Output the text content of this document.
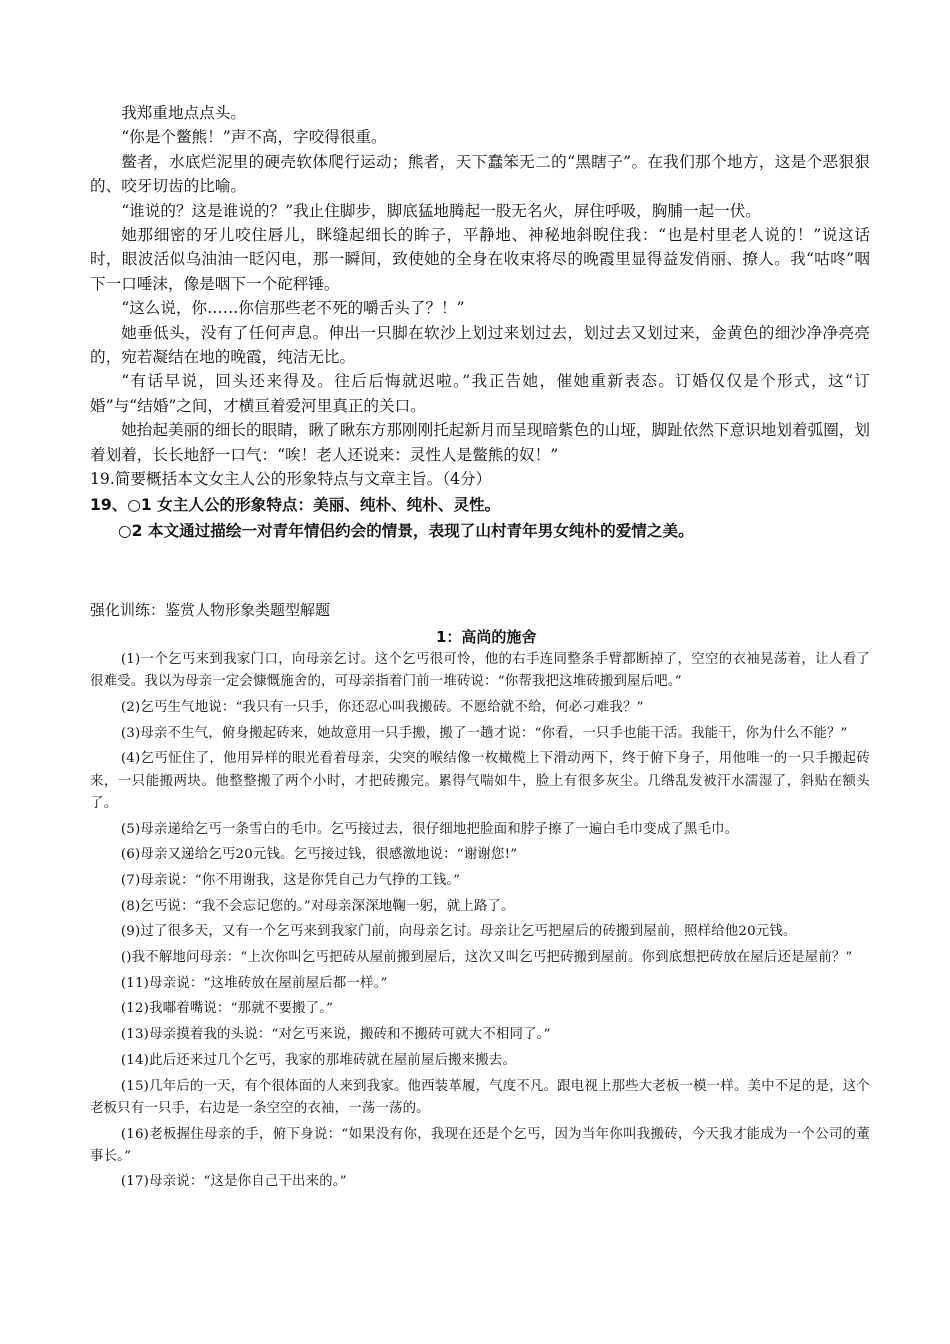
我郑重地点点头。

“你是个鳖熊！”声不高，字咬得很重。

鳖者，水底烂泥里的硬壳软体爬行运动；熊者，天下蠢笨无二的“黑瞎子”。在我们那个地方，这是个恶狠狠的、咬牙切齿的比喻。

“谁说的？这是谁说的？”我止住脚步，脚底猛地腾起一股无名火，屏住呼吸，胸脯一起一伏。

她那细密的牙儿咬住唇儿，眯缝起细长的眸子，平静地、神秘地斜睨住我：“也是村里老人说的！”说这话时，眼波活似乌油油一眨闪电，那一瞬间，致使她的全身在收束将尽的晚霞里显得益发俏丽、撩人。我“咕咚”咽下一口唾沫，像是咽下一个砣秤锤。

“这么说，你……你信那些老不死的嚼舌头了？！”

她垂低头，没有了任何声息。伸出一只脚在软沙上划过来划过去，划过去又划过来，金黄色的细沙净净亮亮的，宛若凝结在地的晚霞，纯洁无比。

“有话早说，回头还来得及。往后后悔就迟啦。”我正告她，催她重新表态。订婚仅仅是个形式，这“订婚”与“结婚”之间，才横亘着爱河里真正的关口。

她抬起美丽的细长的眼睛，瞅了瞅东方那刚刚托起新月而呈现暗紫色的山垭，脚趾依然下意识地划着弧圈，划着划着，长长地舒一口气：“唉！老人还说来：灵性人是鳖熊的奴！”

19.简要概括本文女主人公的形象特点与文章主旨。（4分）

19、○1 女主人公的形象特点：美丽、纯朴、纯朴、灵性。

○2 本文通过描绘一对青年情侣约会的情景，表现了山村青年男女纯朴的爱情之美。

强化训练：鉴赏人物形象类题型解题

1：高尚的施舍

(1)一个乞丐来到我家门口，向母亲乞讨。这个乞丐很可怜，他的右手连同整条手臂都断掉了，空空的衣袖晃荡着，让人看了很难受。我以为母亲一定会慷慨施舍的，可母亲指着门前一堆砖说：“你帮我把这堆砖搬到屋后吧。”

(2)乞丐生气地说：“我只有一只手，你还忍心叫我搬砖。不愿给就不给，何必刁难我？”

(3)母亲不生气，俯身搬起砖来，她故意用一只手搬，搬了一趟才说：“你看，一只手也能干活。我能干，你为什么不能？”

(4)乞丐怔住了，他用异样的眼光看着母亲，尖突的喉结像一枚橄榄上下滑动两下，终于俯下身子，用他唯一的一只手搬起砖来，一只能搬两块。他整整搬了两个小时，才把砖搬完。累得气喘如牛，脸上有很多灰尘。几绺乱发被汗水濡湿了，斜贴在额头了。

(5)母亲递给乞丐一条雪白的毛巾。乞丐接过去，很仔细地把脸面和脖子擦了一遍白毛巾变成了黑毛巾。

(6)母亲又递给乞丐20元钱。乞丐接过钱，很感激地说：“谢谢您!”

(7)母亲说：“你不用谢我，这是你凭自己力气挣的工钱。”

(8)乞丐说：“我不会忘记您的。”对母亲深深地鞠一躬，就上路了。

(9)过了很多天，又有一个乞丐来到我家门前，向母亲乞讨。母亲让乞丐把屋后的砖搬到屋前，照样给他20元钱。

()我不解地问母亲：“上次你叫乞丐把砖从屋前搬到屋后，这次又叫乞丐把砖搬到屋前。你到底想把砖放在屋后还是屋前？”

(11)母亲说：“这堆砖放在屋前屋后都一样。”

(12)我嘟着嘴说：“那就不要搬了。”

(13)母亲摸着我的头说：“对乞丐来说，搬砖和不搬砖可就大不相同了。”

(14)此后还来过几个乞丐，我家的那堆砖就在屋前屋后搬来搬去。

(15)几年后的一天，有个很体面的人来到我家。他西装革履，气度不凡。跟电视上那些大老板一模一样。美中不足的是，这个老板只有一只手，右边是一条空空的衣袖，一荡一荡的。

(16)老板握住母亲的手，俯下身说：“如果没有你，我现在还是个乞丐，因为当年你叫我搬砖，今天我才能成为一个公司的董事长。”

(17)母亲说：“这是你自己干出来的。”
